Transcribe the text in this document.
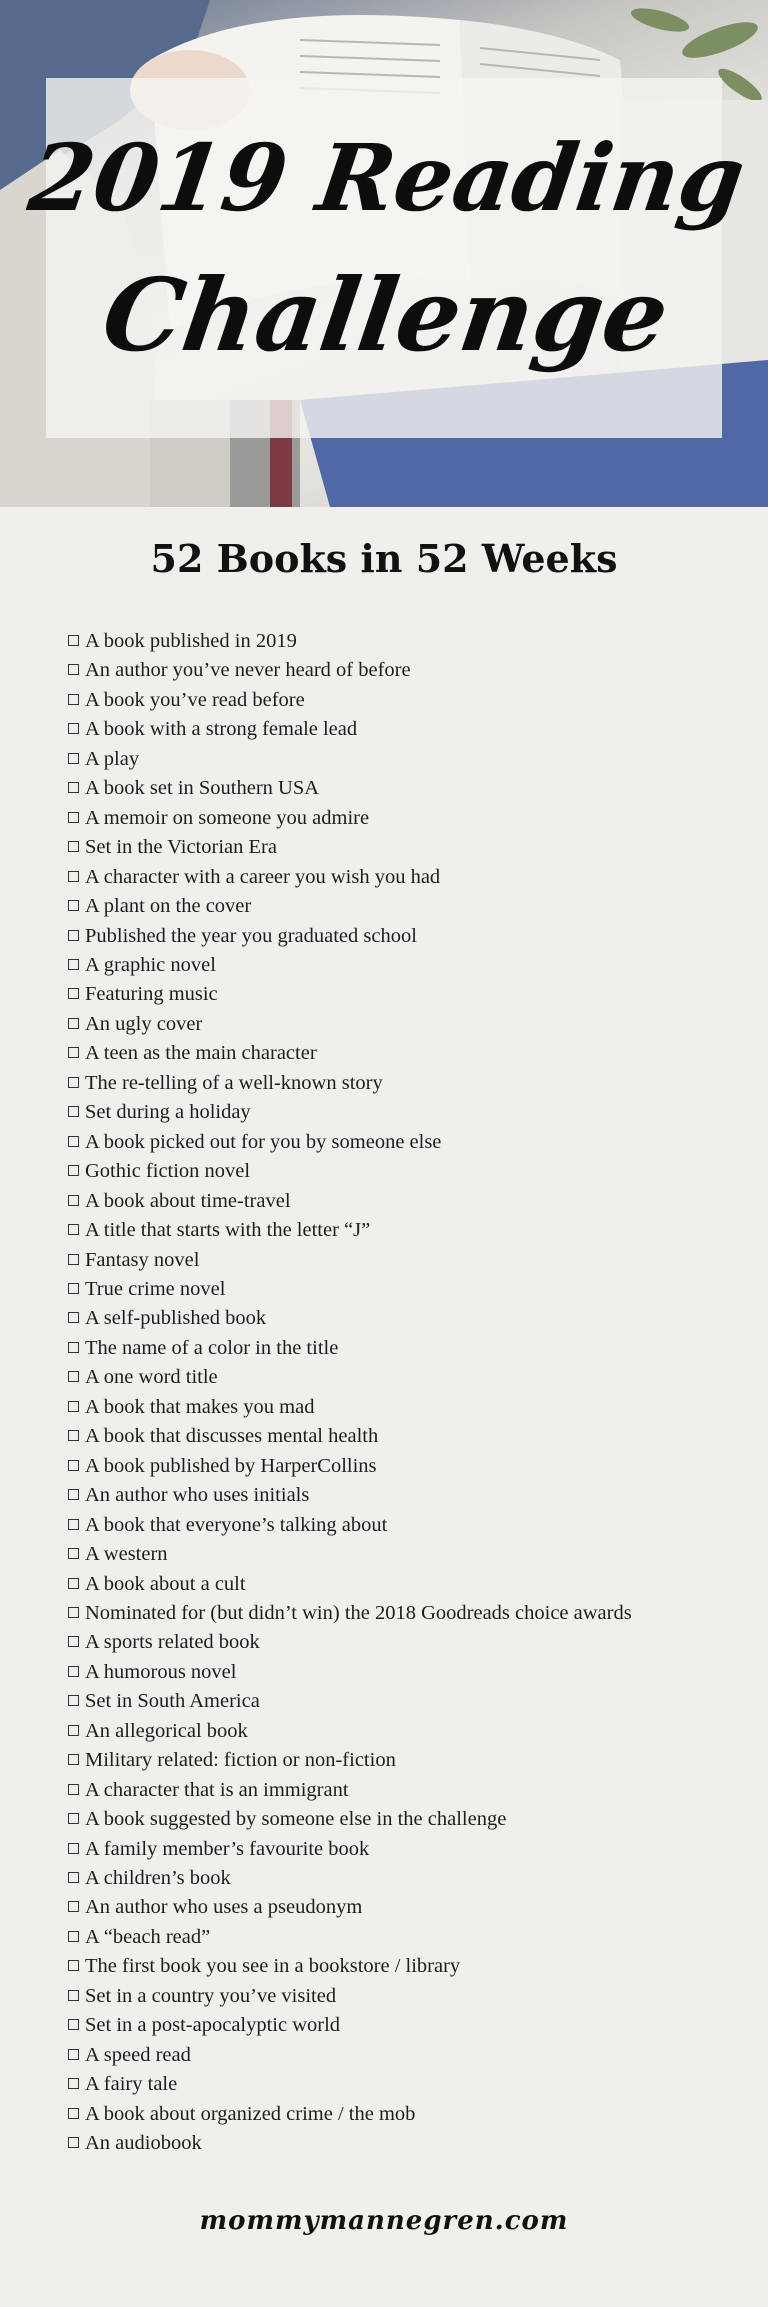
2019 Reading
Challenge
52 Books in 52 Weeks
A book published in 2019
An author you’ve never heard of before
A book you’ve read before
A book with a strong female lead
A play
A book set in Southern USA
A memoir on someone you admire
Set in the Victorian Era
A character with a career you wish you had
A plant on the cover
Published the year you graduated school
A graphic novel
Featuring music
An ugly cover
A teen as the main character
The re-telling of a well-known story
Set during a holiday
A book picked out for you by someone else
Gothic fiction novel
A book about time-travel
A title that starts with the letter “J”
Fantasy novel
True crime novel
A self-published book
The name of a color in the title
A one word title
A book that makes you mad
A book that discusses mental health
A book published by HarperCollins
An author who uses initials
A book that everyone’s talking about
A western
A book about a cult
Nominated for (but didn’t win) the 2018 Goodreads choice awards
A sports related book
A humorous novel
Set in South America
An allegorical book
Military related: fiction or non-fiction
A character that is an immigrant
A book suggested by someone else in the challenge
A family member’s favourite book
A children’s book
An author who uses a pseudonym
A “beach read”
The first book you see in a bookstore / library
Set in a country you’ve visited
Set in a post-apocalyptic world
A speed read
A fairy tale
A book about organized crime / the mob
An audiobook
mommymannegren.com
